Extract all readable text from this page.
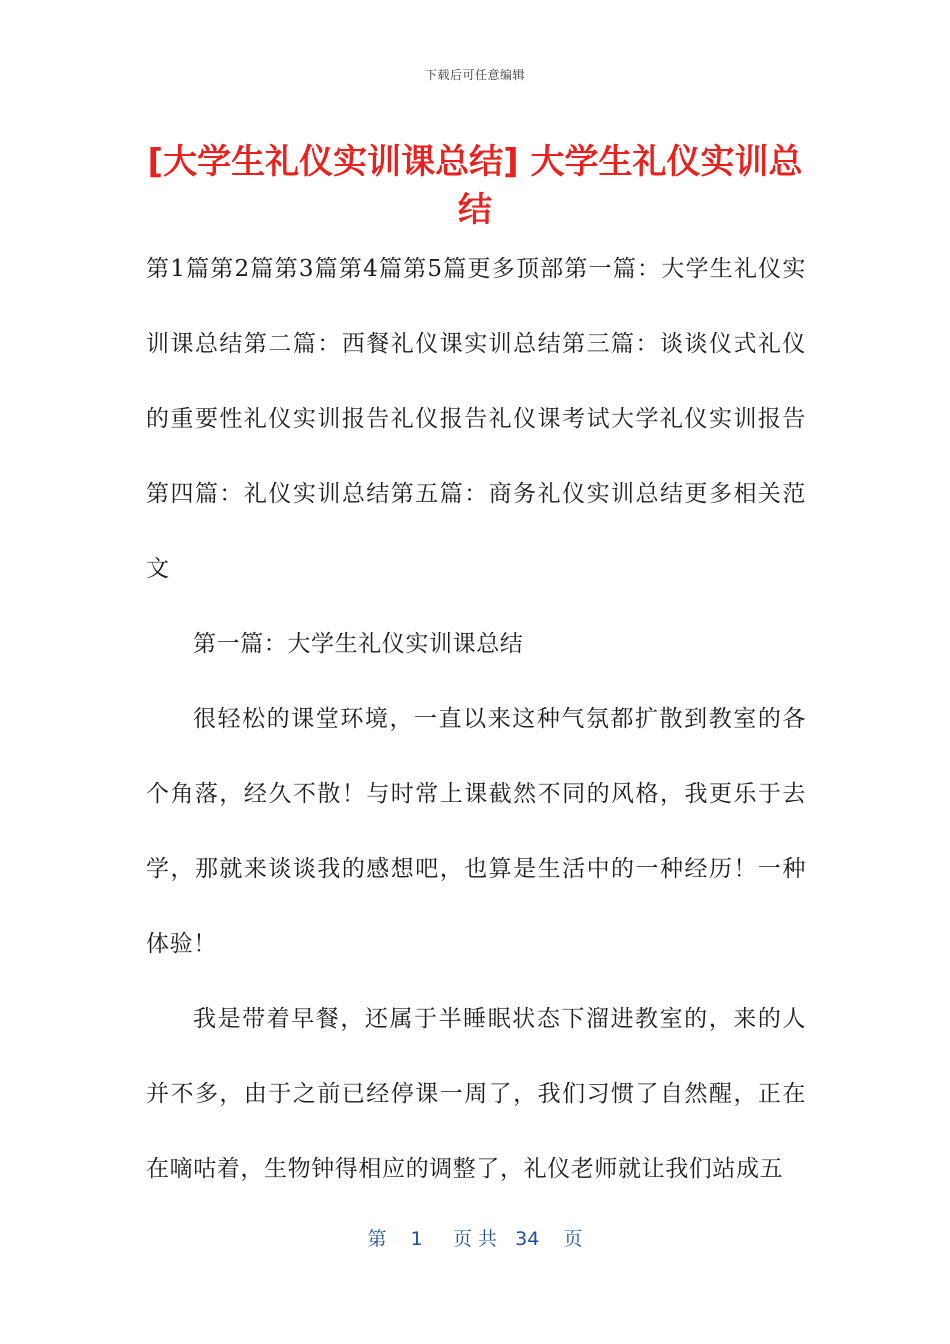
下载后可任意编辑
[大学生礼仪实训课总结] 大学生礼仪实训总结

第1篇第2篇第3篇第4篇第5篇更多顶部第一篇：大学生礼仪实训课总结第二篇：西餐礼仪课实训总结第三篇：谈谈仪式礼仪的重要性礼仪实训报告礼仪报告礼仪课考试大学礼仪实训报告第四篇：礼仪实训总结第五篇：商务礼仪实训总结更多相关范文

第一篇：大学生礼仪实训课总结

很轻松的课堂环境，一直以来这种气氛都扩散到教室的各个角落，经久不散！与时常上课截然不同的风格，我更乐于去学，那就来谈谈我的感想吧，也算是生活中的一种经历！一种体验！

我是带着早餐，还属于半睡眠状态下溜进教室的，来的人并不多，由于之前已经停课一周了，我们习惯了自然醒，正在在嘀咕着，生物钟得相应的调整了，礼仪老师就让我们站成五

第 1 页 共 34 页
